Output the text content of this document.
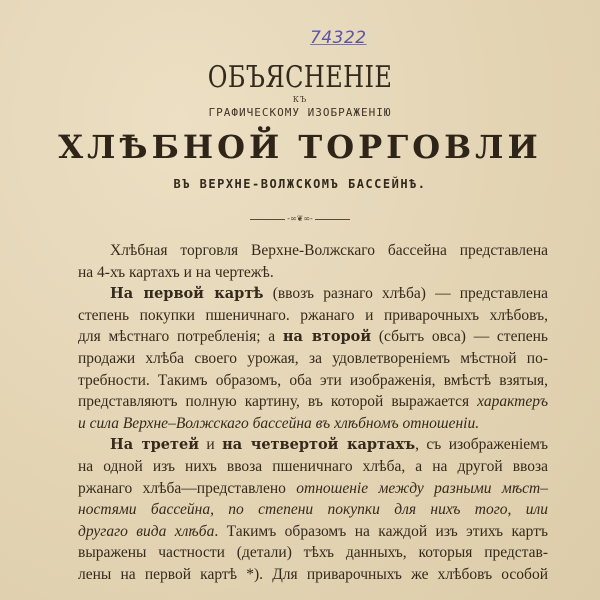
74322
ОБЪЯСНЕНІЕ
КЪ
ГРАФИЧЕСКОМУ ИЗОБРАЖЕНІЮ
ХЛѢБНОЙ ТОРГОВЛИ
ВЪ ВЕРХНЕ-ВОЛЖСКОМЪ БАССЕЙНѢ.
-∞❦∞-
Хлѣбная торговля Верхне-Волжскаго бассейна представлена
на 4-хъ картахъ и на чертежѣ.
На первой картѣ (ввозъ разнаго хлѣба) — представлена
степень покупки пшеничнаго. ржанаго и приварочныхъ хлѣбовъ,
для мѣстнаго потребленія; а на второй (сбытъ овса) — степень
продажи хлѣба своего урожая, за удовлетвореніемъ мѣстной по-
требности. Такимъ образомъ, оба эти изображенія, вмѣстѣ взятыя,
представляютъ полную картину, въ которой выражается характеръ
и сила Верхне–Волжскаго бассейна въ хлѣбномъ отношеніи.
На третей и на четвертой картахъ, съ изображеніемъ
на одной изъ нихъ ввоза пшеничнаго хлѣба, а на другой ввоза
ржанаго хлѣба—представлено отношеніе между разными мѣст–
ностями бассейна, по степени покупки для нихъ того, или
другаго вида хлѣба. Такимъ образомъ на каждой изъ этихъ картъ
выражены частности (детали) тѣхъ данныхъ, которыя представ-
лены на первой картѣ *). Для приварочныхъ же хлѣбовъ особой
